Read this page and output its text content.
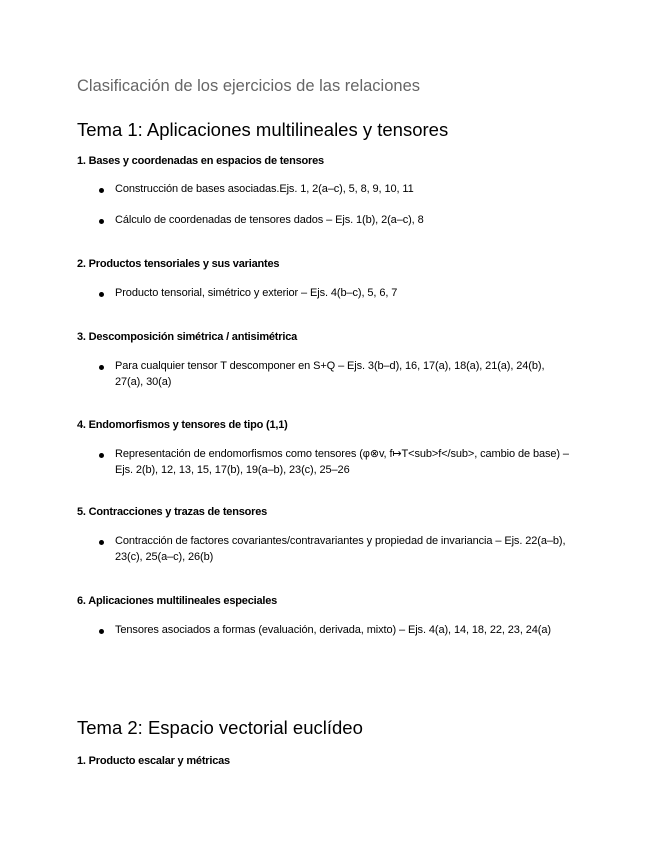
Clasificación de los ejercicios de las relaciones
Tema 1: Aplicaciones multilineales y tensores
1. Bases y coordenadas en espacios de tensores
Construcción de bases asociadas.Ejs. 1, 2(a–c), 5, 8, 9, 10, 11
Cálculo de coordenadas de tensores dados – Ejs. 1(b), 2(a–c), 8
2. Productos tensoriales y sus variantes
Producto tensorial, simétrico y exterior – Ejs. 4(b–c), 5, 6, 7
3. Descomposición simétrica / antisimétrica
Para cualquier tensor T descomponer en S+Q – Ejs. 3(b–d), 16, 17(a), 18(a), 21(a), 24(b), 27(a), 30(a)
4. Endomorfismos y tensores de tipo (1,1)
Representación de endomorfismos como tensores (φ⊗v, f↦T<sub>f</sub>, cambio de base) – Ejs. 2(b), 12, 13, 15, 17(b), 19(a–b), 23(c), 25–26
5. Contracciones y trazas de tensores
Contracción de factores covariantes/contravariantes y propiedad de invariancia – Ejs. 22(a–b), 23(c), 25(a–c), 26(b)
6. Aplicaciones multilineales especiales
Tensores asociados a formas (evaluación, derivada, mixto) – Ejs. 4(a), 14, 18, 22, 23, 24(a)
Tema 2: Espacio vectorial euclídeo
1. Producto escalar y métricas
